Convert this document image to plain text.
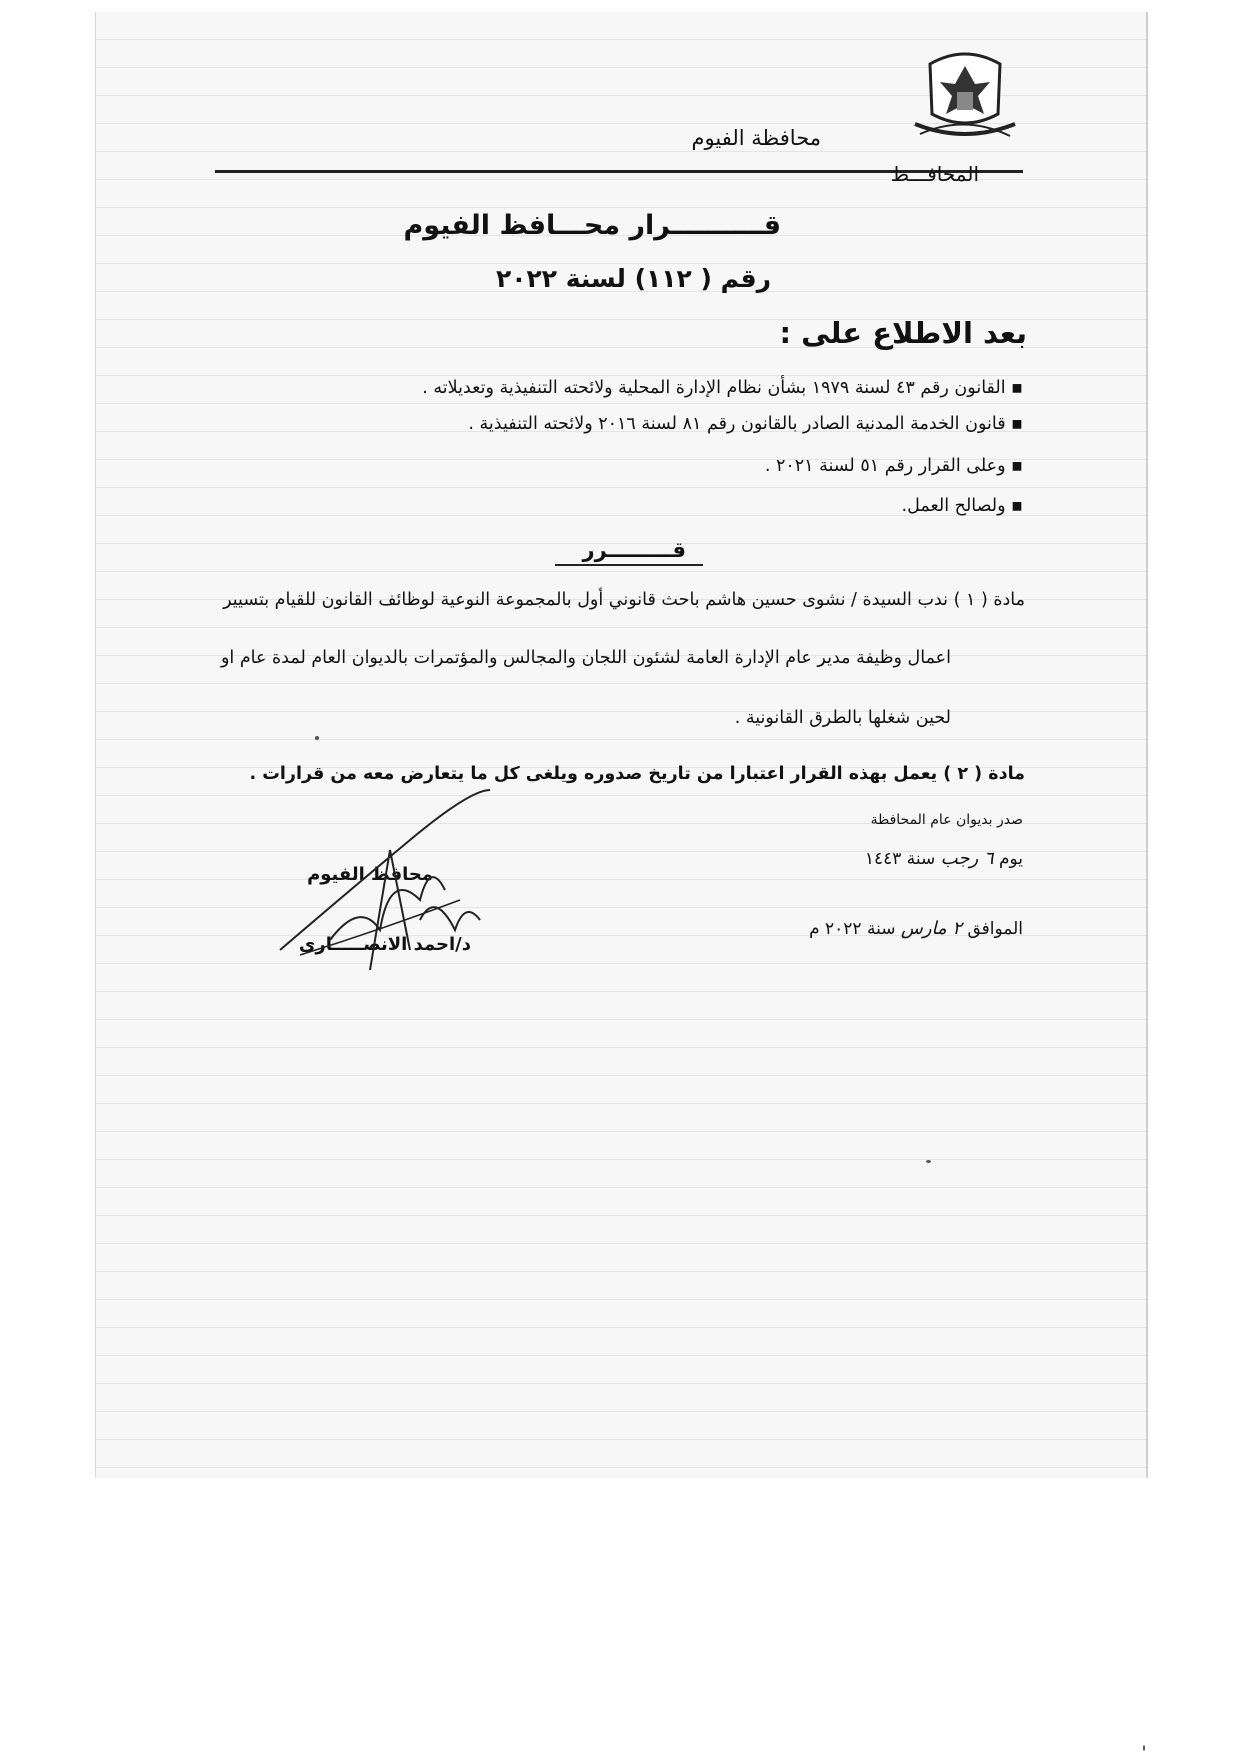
محافظة الفيوم
المحافـــظ
قــــــــــرار محـــافظ الفيوم
رقم ( ١١٢) لسنة ٢٠٢٢
بعد الاطلاع على :
▪ القانون رقم ٤٣ لسنة ١٩٧٩ بشأن نظام الإدارة المحلية ولائحته التنفيذية وتعديلاته .
▪ قانون الخدمة المدنية الصادر بالقانون رقم ٨١ لسنة ٢٠١٦ ولائحته التنفيذية .
▪ وعلى القرار رقم ٥١ لسنة ٢٠٢١ .
▪ ولصالح العمل.
قـــــــــرر
مادة ( ١ ) ندب السيدة / نشوى حسين هاشم باحث قانوني أول بالمجموعة النوعية لوظائف القانون للقيام بتسيير
اعمال وظيفة مدير عام الإدارة العامة لشئون اللجان والمجالس والمؤتمرات بالديوان العام لمدة عام او
لحين شغلها بالطرق القانونية .
مادة ( ٢ ) يعمل بهذه القرار اعتبارا من تاريخ صدوره ويلغى كل ما يتعارض معه من قرارات .
صدر بديوان عام المحافظة
يوم ٦ رجب سنة ١٤٤٣
الموافق ٢ مارس سنة ٢٠٢٢ م
محافظ الفيوم
د/احمد الانصـــــارى
